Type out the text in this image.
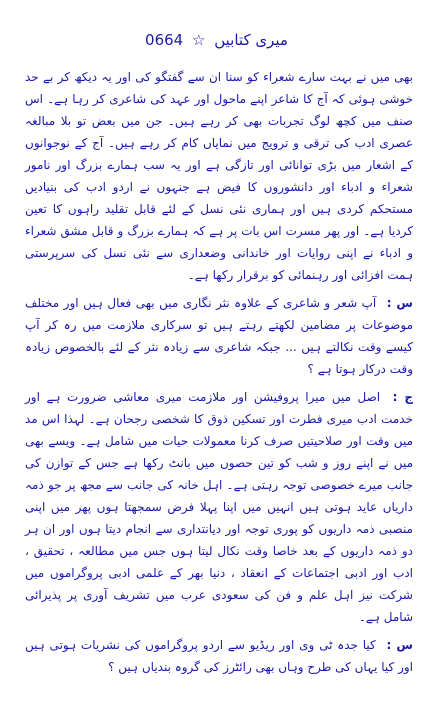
میری کتابیں ☆ 0664

بھی میں نے بہت سارے شعراء کو سنا ان سے گفتگو کی اور یہ دیکھ کر بے حد خوشی ہوئی کہ آج کا شاعر اپنے ماحول اور عہد کی شاعری کر رہا ہے۔ اس صنف میں کچھ لوگ تجربات بھی کر رہے ہیں۔ جن میں بعض تو بلا مبالغہ عصری ادب کی ترقی و ترویج میں نمایاں کام کر رہے ہیں۔ آج کے نوجوانوں کے اشعار میں بڑی توانائی اور تازگی ہے اور یہ سب ہمارے بزرگ اور نامور شعراء و ادباء اور دانشوروں کا فیض ہے جنہوں نے اردو ادب کی بنیادیں مستحکم کردی ہیں اور ہماری نئی نسل کے لئے قابل تقلید راہوں کا تعین کردیا ہے۔ اور پھر مسرت اس بات پر ہے کہ ہمارے بزرگ و قابل مشق شعراء و ادباء نے اپنی روایات اور خاندانی وضعداری سے نئی نسل کی سرپرستی ہمت افزائی اور رہنمائی کو برقرار رکھا ہے۔

س : آپ شعر و شاعری کے علاوہ نثر نگاری میں بھی فعال ہیں اور مختلف موضوعات پر مضامین لکھتے رہتے ہیں تو سرکاری ملازمت میں رہ کر آپ کیسے وقت نکالتے ہیں ... جبکہ شاعری سے زیادہ نثر کے لئے بالخصوص زیادہ وقت درکار ہوتا ہے ؟

ج : اصل میں میرا پروفیشن اور ملازمت میری معاشی ضرورت ہے اور خدمت ادب میری فطرت اور تسکین ذوق کا شخصی رجحان ہے۔ لہذا اس مد میں وقت اور صلاحیتیں صرف کرنا معمولات حیات میں شامل ہے۔ ویسے بھی میں نے اپنے روز و شب کو تین حصوں میں بانٹ رکھا ہے جس کے توازن کی جانب میرے خصوصی توجہ رہتی ہے۔ اہل خانہ کی جانب سے مجھ پر جو ذمہ داریاں عاید ہوتی ہیں انہیں میں اپنا پہلا فرض سمجھتا ہوں پھر میں اپنی منصبی ذمہ داریوں کو پوری توجہ اور دیانتداری سے انجام دیتا ہوں اور ان ہر دو ذمہ داریوں کے بعد خاصا وقت نکال لیتا ہوں جس میں مطالعہ ، تحقیق ، ادب اور ادبی اجتماعات کے انعقاد ، دنیا بھر کے علمی ادبی پروگراموں میں شرکت نیز اہل علم و فن کی سعودی عرب میں تشریف آوری پر پذیرائی شامل ہے۔

س : کیا جدہ ٹی وی اور ریڈیو سے اردو پروگراموں کی نشریات ہوتی ہیں اور کیا یہاں کی طرح وہاں بھی رائٹرز کی گروہ بندیاں ہیں ؟
